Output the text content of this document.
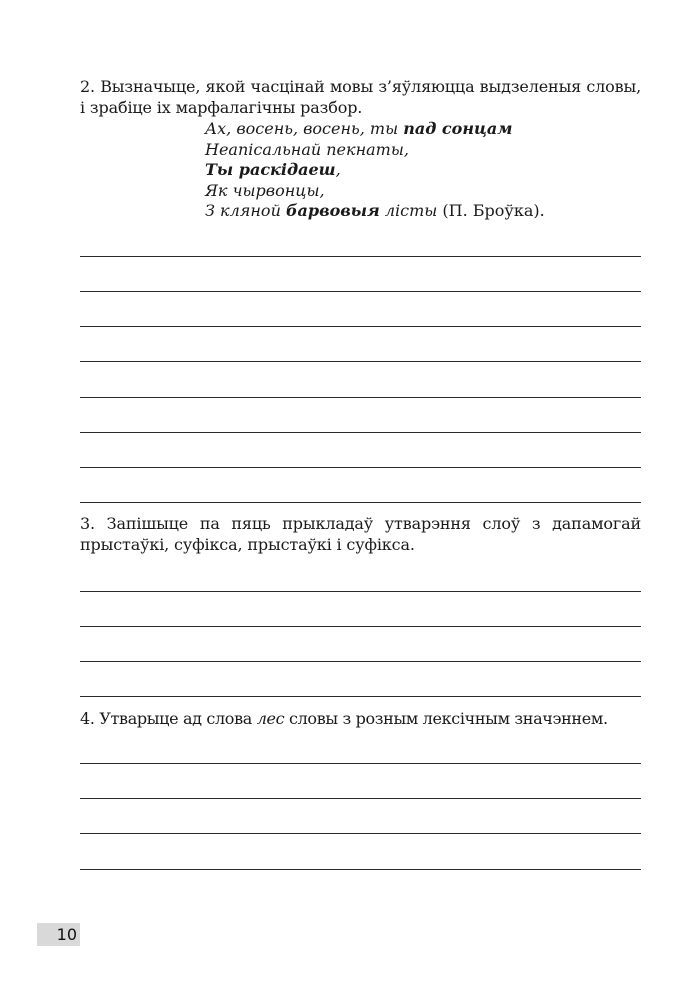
2. Вызначыце, якой часцінай мовы з’яўляюцца выдзеленыя словы, і зрабіце іх марфалагічны разбор.
Ах, восень, восень, ты пад сонцам
Неапісальнай пекнаты,
Ты раскідаеш,
Як чырвонцы,
З кляной барвовыя лісты (П. Броўка).
3. Запішыце па пяць прыкладаў утварэння слоў з дапамогай прыстаўкі, суфікса, прыстаўкі і суфікса.
4. Утварыце ад слова лес словы з розным лексічным значэннем.
10
